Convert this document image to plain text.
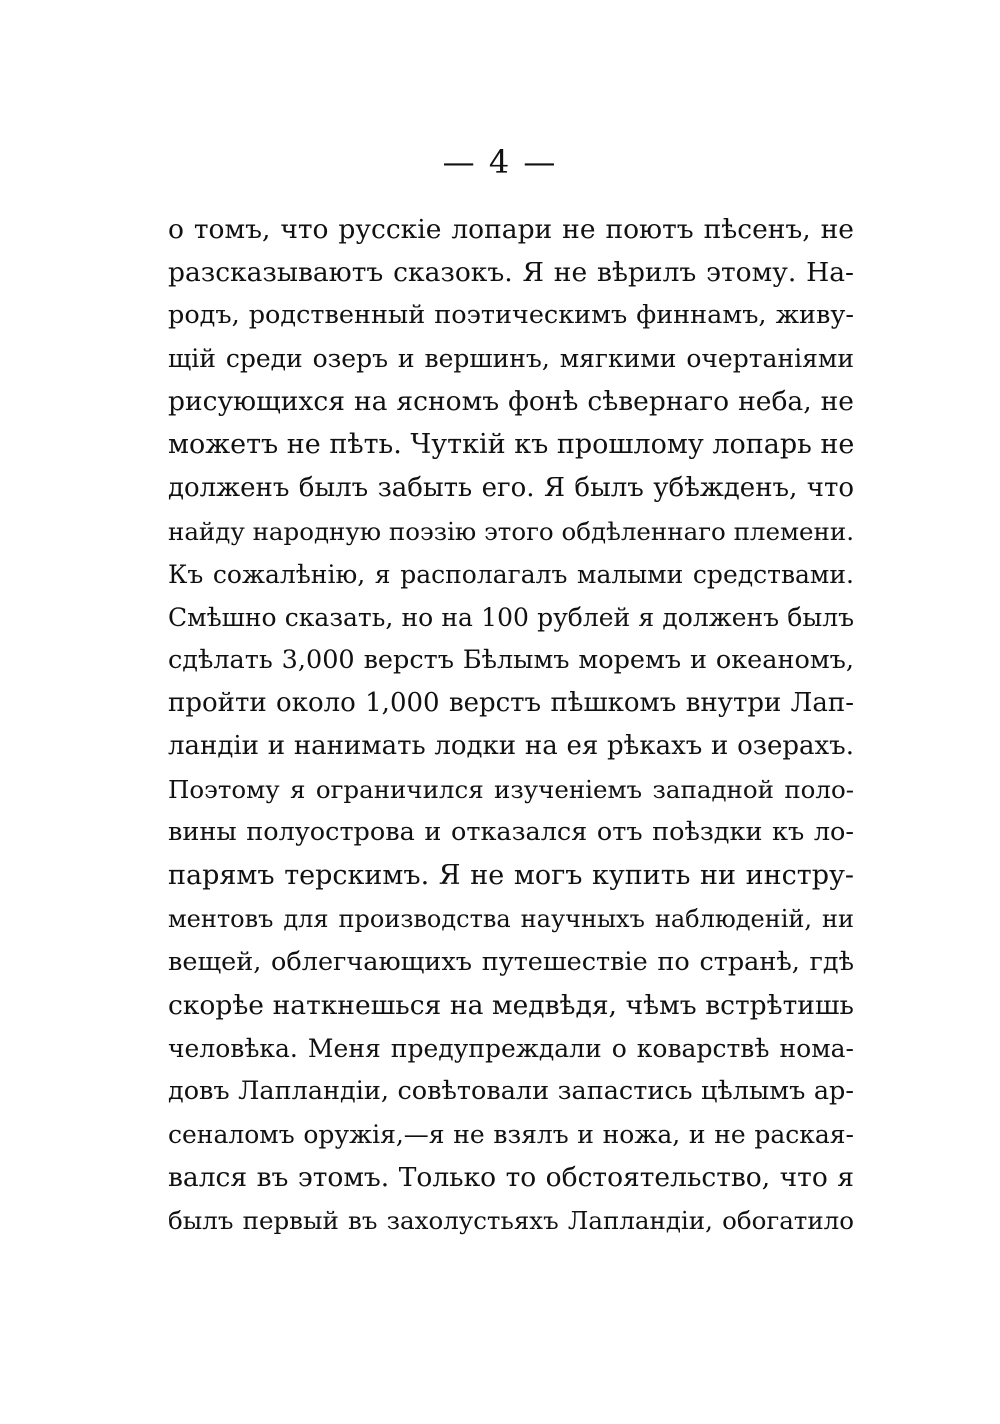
— 4 —
о томъ, что русскіе лопари не поютъ пѣсенъ, не
разсказываютъ сказокъ. Я не вѣрилъ этому. На-
родъ, родственный поэтическимъ финнамъ, живу-
щій среди озеръ и вершинъ, мягкими очертаніями
рисующихся на ясномъ фонѣ сѣвернаго неба, не
можетъ не пѣть. Чуткій къ прошлому лопарь не
долженъ былъ забыть его. Я былъ убѣжденъ, что
найду народную поэзію этого обдѣленнаго племени.
Къ сожалѣнію, я располагалъ малыми средствами.
Смѣшно сказать, но на 100 рублей я долженъ былъ
сдѣлать 3,000 верстъ Бѣлымъ моремъ и океаномъ,
пройти около 1,000 верстъ пѣшкомъ внутри Лап-
ландіи и нанимать лодки на ея рѣкахъ и озерахъ.
Поэтому я ограничился изученіемъ западной поло-
вины полуострова и отказался отъ поѣздки къ ло-
парямъ терскимъ. Я не могъ купить ни инстру-
ментовъ для производства научныхъ наблюденій, ни
вещей, облегчающихъ путешествіе по странѣ, гдѣ
скорѣе наткнешься на медвѣдя, чѣмъ встрѣтишь
человѣка. Меня предупреждали о коварствѣ нома-
довъ Лапландіи, совѣтовали запастись цѣлымъ ар-
сеналомъ оружія,—я не взялъ и ножа, и не раская-
вался въ этомъ. Только то обстоятельство, что я
былъ первый въ захолустьяхъ Лапландіи, обогатило
